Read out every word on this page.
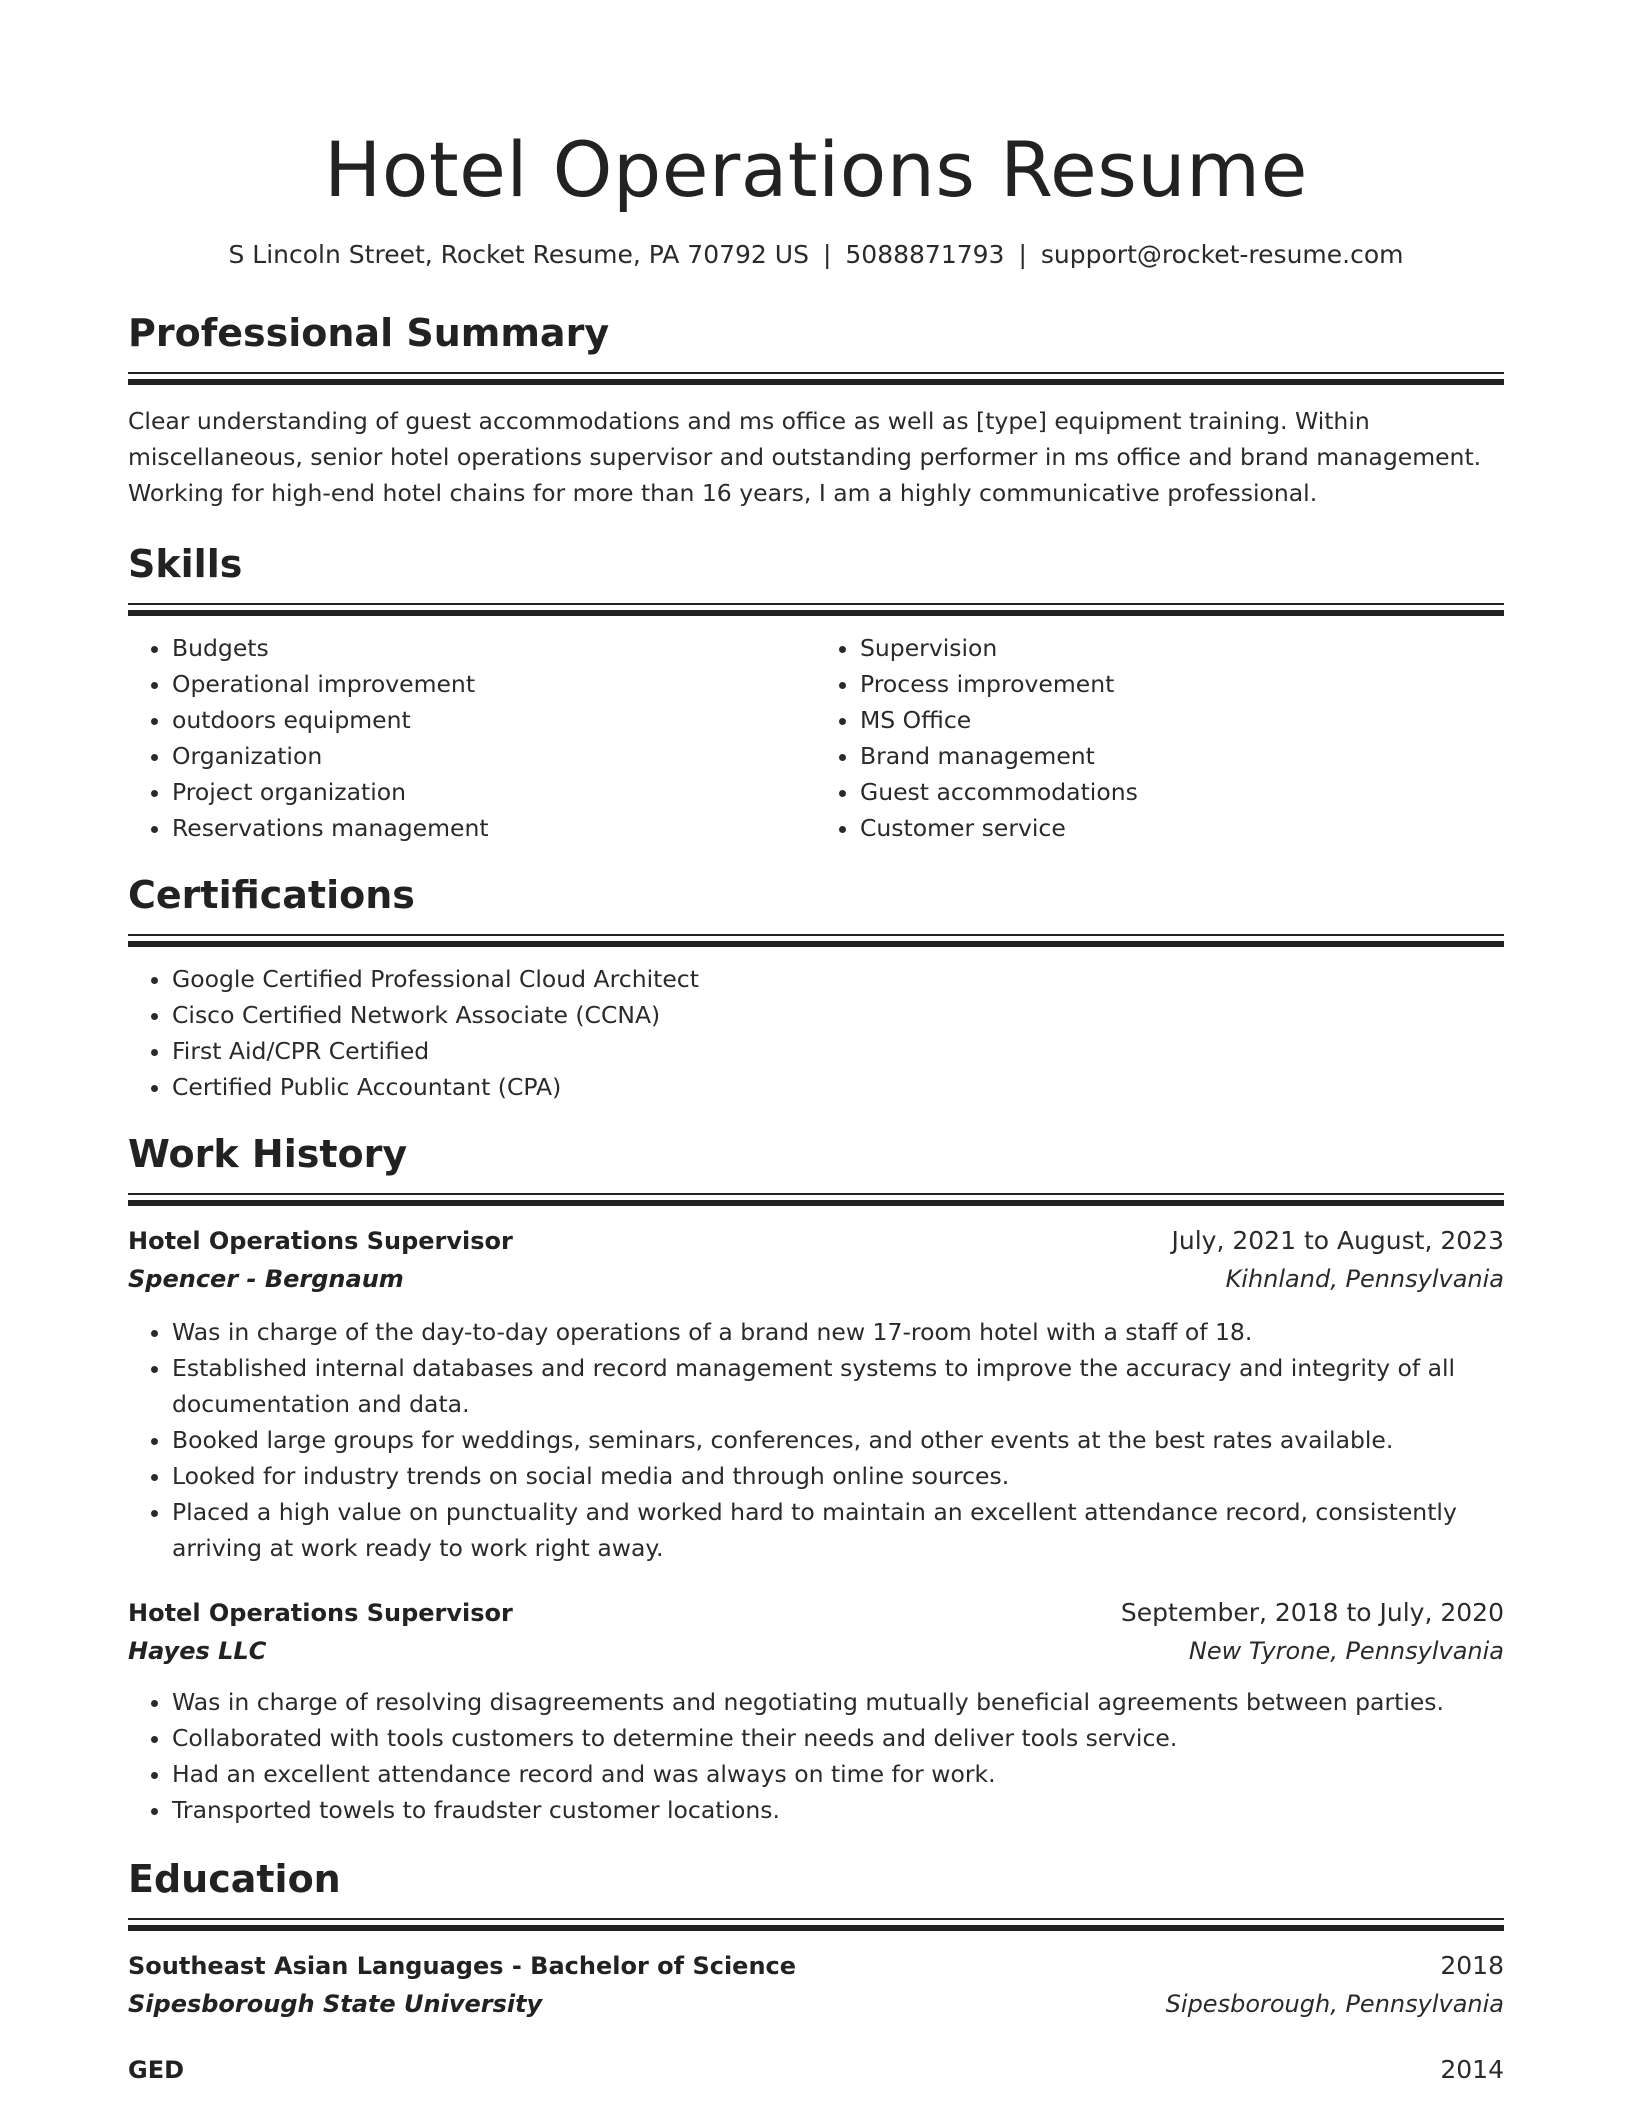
Hotel Operations Resume
S Lincoln Street, Rocket Resume, PA 70792 US | 5088871793 | support@rocket-resume.com
Professional Summary
Clear understanding of guest accommodations and ms office as well as [type] equipment training. Within miscellaneous, senior hotel operations supervisor and outstanding performer in ms office and brand management. Working for high-end hotel chains for more than 16 years, I am a highly communicative professional.
Skills
• Budgets
• Operational improvement
• outdoors equipment
• Organization
• Project organization
• Reservations management
• Supervision
• Process improvement
• MS Office
• Brand management
• Guest accommodations
• Customer service
Certifications
• Google Certified Professional Cloud Architect
• Cisco Certified Network Associate (CCNA)
• First Aid/CPR Certified
• Certified Public Accountant (CPA)
Work History
Hotel Operations Supervisor	July, 2021 to August, 2023
Spencer - Bergnaum	Kihnland, Pennsylvania
• Was in charge of the day-to-day operations of a brand new 17-room hotel with a staff of 18.
• Established internal databases and record management systems to improve the accuracy and integrity of all documentation and data.
• Booked large groups for weddings, seminars, conferences, and other events at the best rates available.
• Looked for industry trends on social media and through online sources.
• Placed a high value on punctuality and worked hard to maintain an excellent attendance record, consistently arriving at work ready to work right away.
Hotel Operations Supervisor	September, 2018 to July, 2020
Hayes LLC	New Tyrone, Pennsylvania
• Was in charge of resolving disagreements and negotiating mutually beneficial agreements between parties.
• Collaborated with tools customers to determine their needs and deliver tools service.
• Had an excellent attendance record and was always on time for work.
• Transported towels to fraudster customer locations.
Education
Southeast Asian Languages - Bachelor of Science	2018
Sipesborough State University	Sipesborough, Pennsylvania
GED	2014
